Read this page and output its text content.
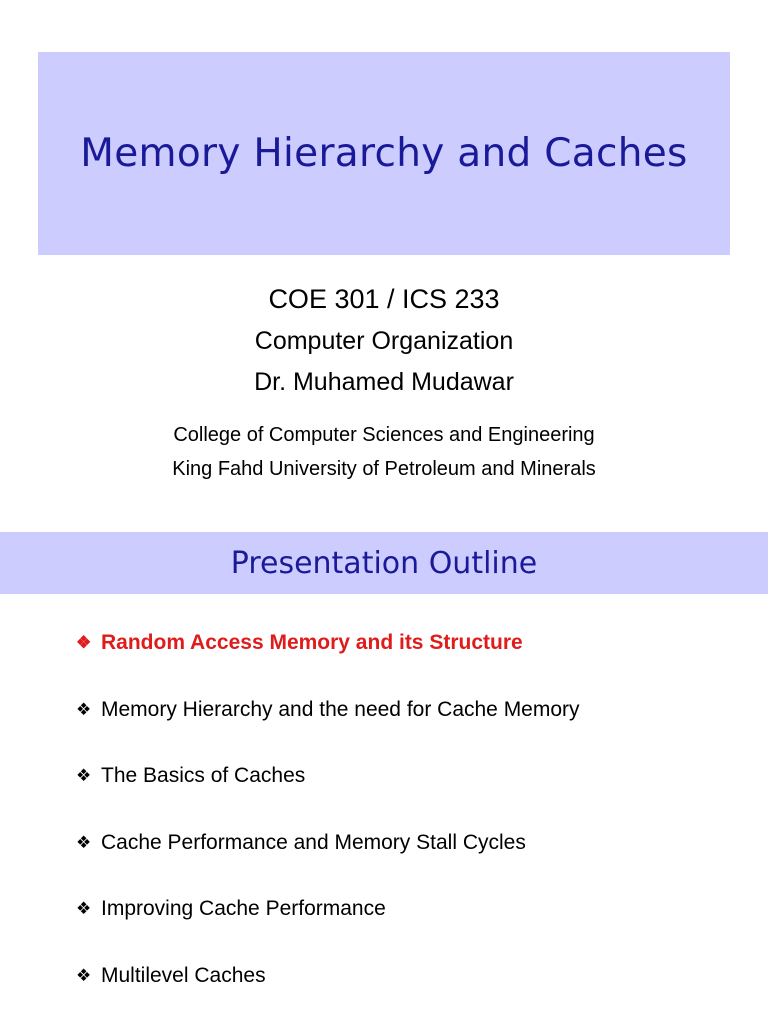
Memory Hierarchy and Caches
COE 301 / ICS 233
Computer Organization
Dr. Muhamed Mudawar
College of Computer Sciences and Engineering
King Fahd University of Petroleum and Minerals
Presentation Outline
❖ Random Access Memory and its Structure
❖ Memory Hierarchy and the need for Cache Memory
❖ The Basics of Caches
❖ Cache Performance and Memory Stall Cycles
❖ Improving Cache Performance
❖ Multilevel Caches
